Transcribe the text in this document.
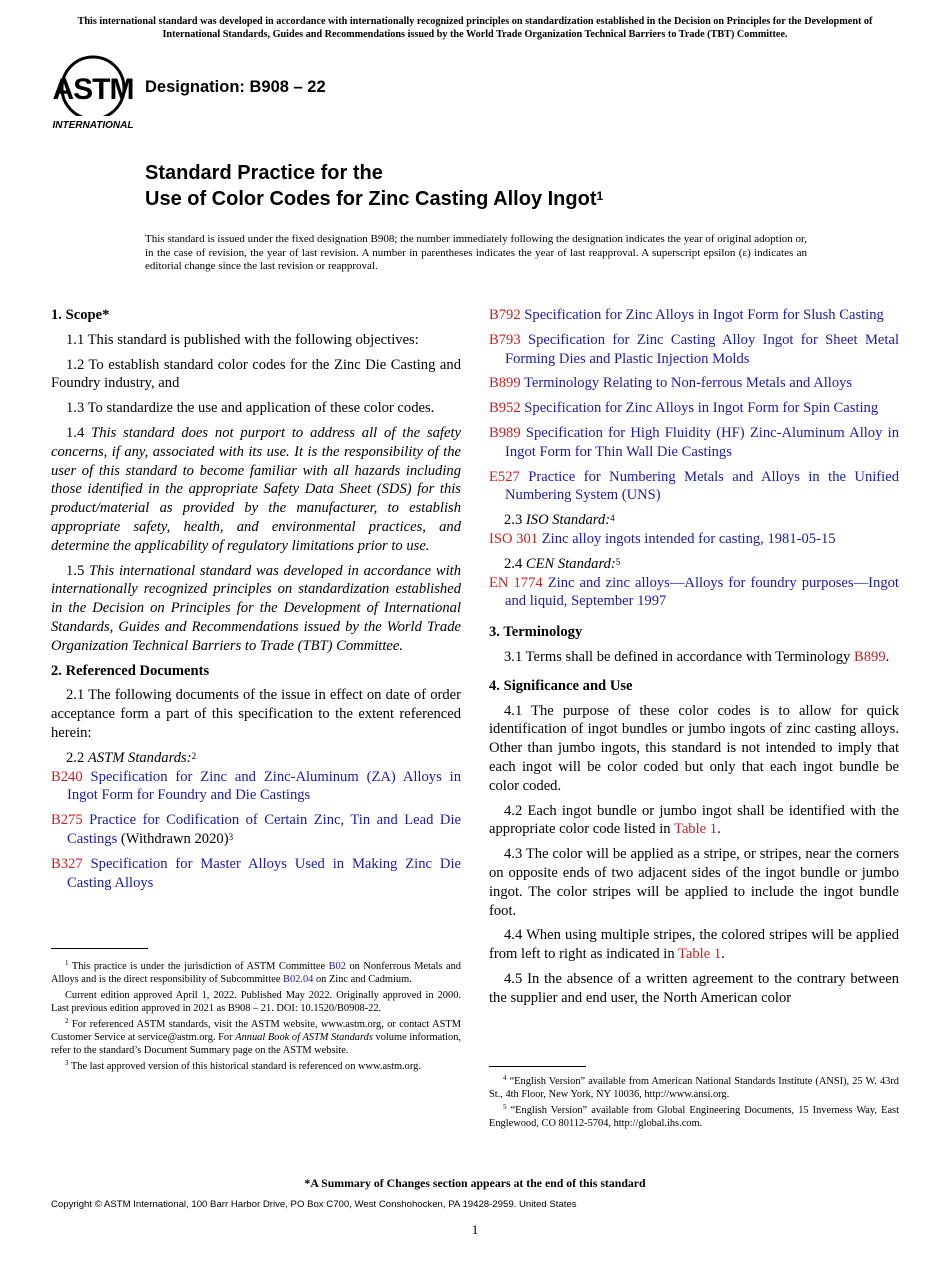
This international standard was developed in accordance with internationally recognized principles on standardization established in the Decision on Principles for the Development of International Standards, Guides and Recommendations issued by the World Trade Organization Technical Barriers to Trade (TBT) Committee.
ASTM
INTERNATIONAL
Designation: B908 – 22
Standard Practice for the
Use of Color Codes for Zinc Casting Alloy Ingot$^1$
This standard is issued under the fixed designation B908; the number immediately following the designation indicates the year of original adoption or, in the case of revision, the year of last revision. A number in parentheses indicates the year of last reapproval. A superscript epsilon (ε) indicates an editorial change since the last revision or reapproval.
1. Scope*

1.1 This standard is published with the following objectives:

1.2 To establish standard color codes for the Zinc Die Casting and Foundry industry, and

1.3 To standardize the use and application of these color codes.

1.4 This standard does not purport to address all of the safety concerns, if any, associated with its use. It is the responsibility of the user of this standard to become familiar with all hazards including those identified in the appropriate Safety Data Sheet (SDS) for this product/material as provided by the manufacturer, to establish appropriate safety, health, and environmental practices, and determine the applicability of regulatory limitations prior to use.

1.5 This international standard was developed in accordance with internationally recognized principles on standardization established in the Decision on Principles for the Development of International Standards, Guides and Recommendations issued by the World Trade Organization Technical Barriers to Trade (TBT) Committee.

2. Referenced Documents

2.1 The following documents of the issue in effect on date of order acceptance form a part of this specification to the extent referenced herein:

2.2 ASTM Standards:$^2$

B240 Specification for Zinc and Zinc-Aluminum (ZA) Alloys in Ingot Form for Foundry and Die Castings

B275 Practice for Codification of Certain Zinc, Tin and Lead Die Castings (Withdrawn 2020)$^3$

B327 Specification for Master Alloys Used in Making Zinc Die Casting Alloys

B792 Specification for Zinc Alloys in Ingot Form for Slush Casting

B793 Specification for Zinc Casting Alloy Ingot for Sheet Metal Forming Dies and Plastic Injection Molds

B899 Terminology Relating to Non-ferrous Metals and Alloys

B952 Specification for Zinc Alloys in Ingot Form for Spin Casting

B989 Specification for High Fluidity (HF) Zinc-Aluminum Alloy in Ingot Form for Thin Wall Die Castings

E527 Practice for Numbering Metals and Alloys in the Unified Numbering System (UNS)

2.3 ISO Standard:$^4$

ISO 301 Zinc alloy ingots intended for casting, 1981-05-15

2.4 CEN Standard:$^5$

EN 1774 Zinc and zinc alloys—Alloys for foundry purposes—Ingot and liquid, September 1997

3. Terminology

3.1 Terms shall be defined in accordance with Terminology B899.

4. Significance and Use

4.1 The purpose of these color codes is to allow for quick identification of ingot bundles or jumbo ingots of zinc casting alloys. Other than jumbo ingots, this standard is not intended to imply that each ingot will be color coded but only that each ingot bundle be color coded.

4.2 Each ingot bundle or jumbo ingot shall be identified with the appropriate color code listed in Table 1.

4.3 The color will be applied as a stripe, or stripes, near the corners on opposite ends of two adjacent sides of the ingot bundle or jumbo ingot. The color stripes will be applied to include the ingot bundle foot.

4.4 When using multiple stripes, the colored stripes will be applied from left to right as indicated in Table 1.

4.5 In the absence of a written agreement to the contrary between the supplier and end user, the North American color

$^1$ This practice is under the jurisdiction of ASTM Committee B02 on Nonferrous Metals and Alloys and is the direct responsibility of Subcommittee B02.04 on Zinc and Cadmium.

Current edition approved April 1, 2022. Published May 2022. Originally approved in 2000. Last previous edition approved in 2021 as B908 – 21. DOI: 10.1520/B0908-22.

$^2$ For referenced ASTM standards, visit the ASTM website, www.astm.org, or contact ASTM Customer Service at service@astm.org. For Annual Book of ASTM Standards volume information, refer to the standard’s Document Summary page on the ASTM website.

$^3$ The last approved version of this historical standard is referenced on www.astm.org.

$^4$ “English Version” available from American National Standards Institute (ANSI), 25 W. 43rd St., 4th Floor, New York, NY 10036, http://www.ansi.org.

$^5$ “English Version” available from Global Engineering Documents, 15 Inverness Way, East Englewood, CO 80112-5704, http://global.ihs.com.

*A Summary of Changes section appears at the end of this standard
Copyright © ASTM International, 100 Barr Harbor Drive, PO Box C700, West Conshohocken, PA 19428-2959. United States
1
